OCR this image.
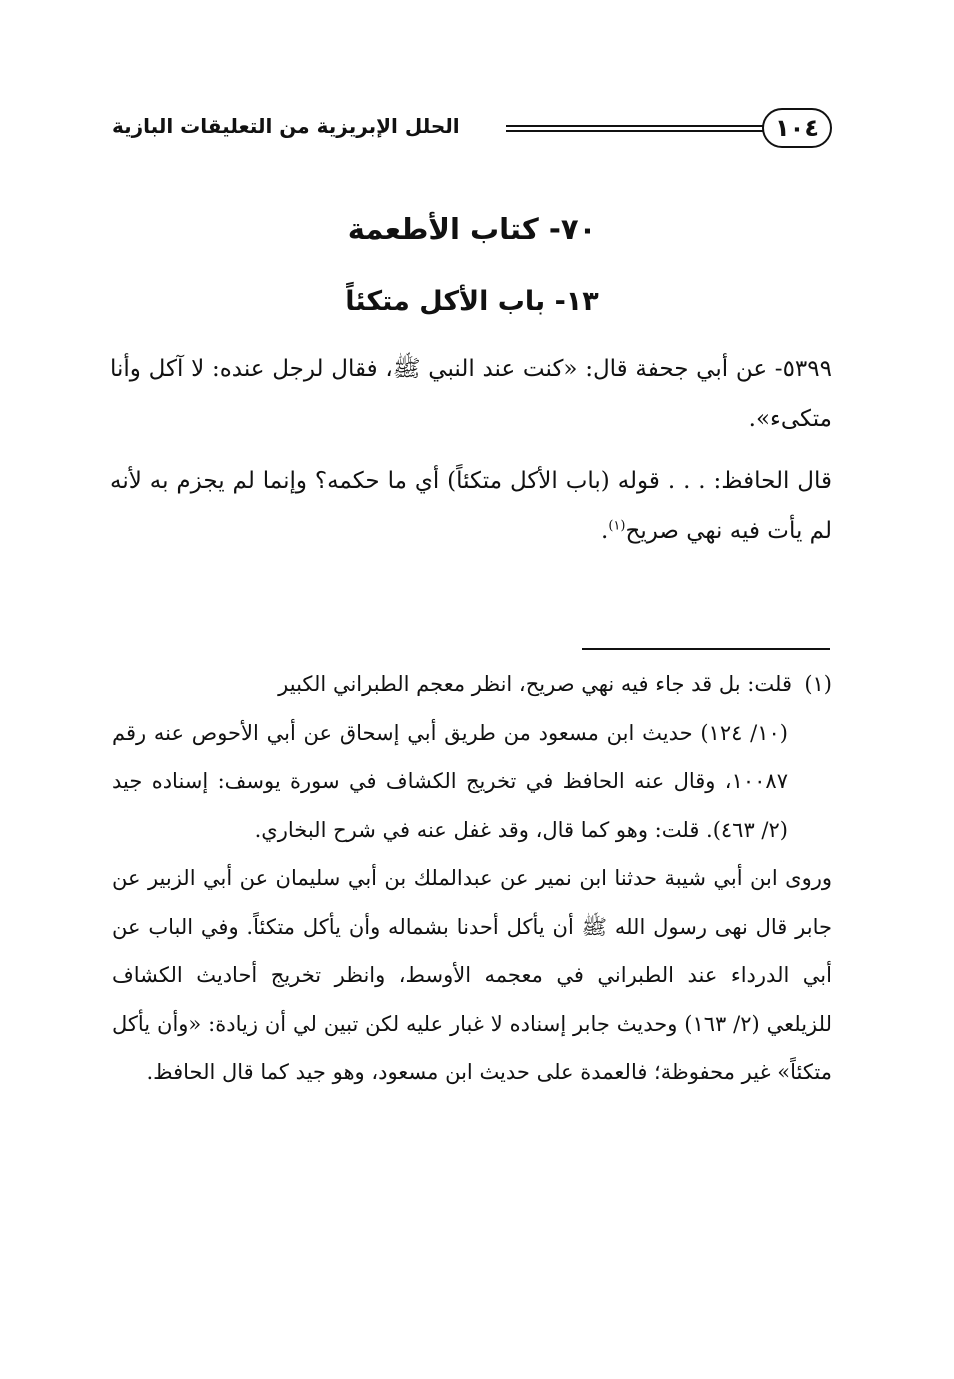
١٠٤
الحلل الإبريزية من التعليقات البازية
٧٠- كتاب الأطعمة
١٣- باب الأكل متكئاً

٥٣٩٩- عن أبي جحفة قال: «كنت عند النبي ﷺ، فقال لرجل عنده: لا آكل وأنا متكىء».

قال الحافظ: . . . قوله (باب الأكل متكئاً) أي ما حكمه؟ وإنما لم يجزم به لأنه لم يأت فيه نهي صريح$^{(١)}$.

(١)قلت: بل قد جاء فيه نهي صريح، انظر معجم الطبراني الكبير

(١٠/ ١٢٤) حديث ابن مسعود من طريق أبي إسحاق عن أبي الأحوص عنه رقم ١٠٠٨٧، وقال عنه الحافظ في تخريج الكشاف في سورة يوسف: إسناده جيد (٢/ ٤٦٣). قلت: وهو كما قال، وقد غفل عنه في شرح البخاري.

وروى ابن أبي شيبة حدثنا ابن نمير عن عبدالملك بن أبي سليمان عن أبي الزبير عن جابر قال نهى رسول الله ﷺ أن يأكل أحدنا بشماله وأن يأكل متكئاً. وفي الباب عن أبي الدرداء عند الطبراني في معجمه الأوسط، وانظر تخريج أحاديث الكشاف للزيلعي (٢/ ١٦٣) وحديث جابر إسناده لا غبار عليه لكن تبين لي أن زيادة: «وأن يأكل متكئاً» غير محفوظة؛ فالعمدة على حديث ابن مسعود، وهو جيد كما قال الحافظ.
